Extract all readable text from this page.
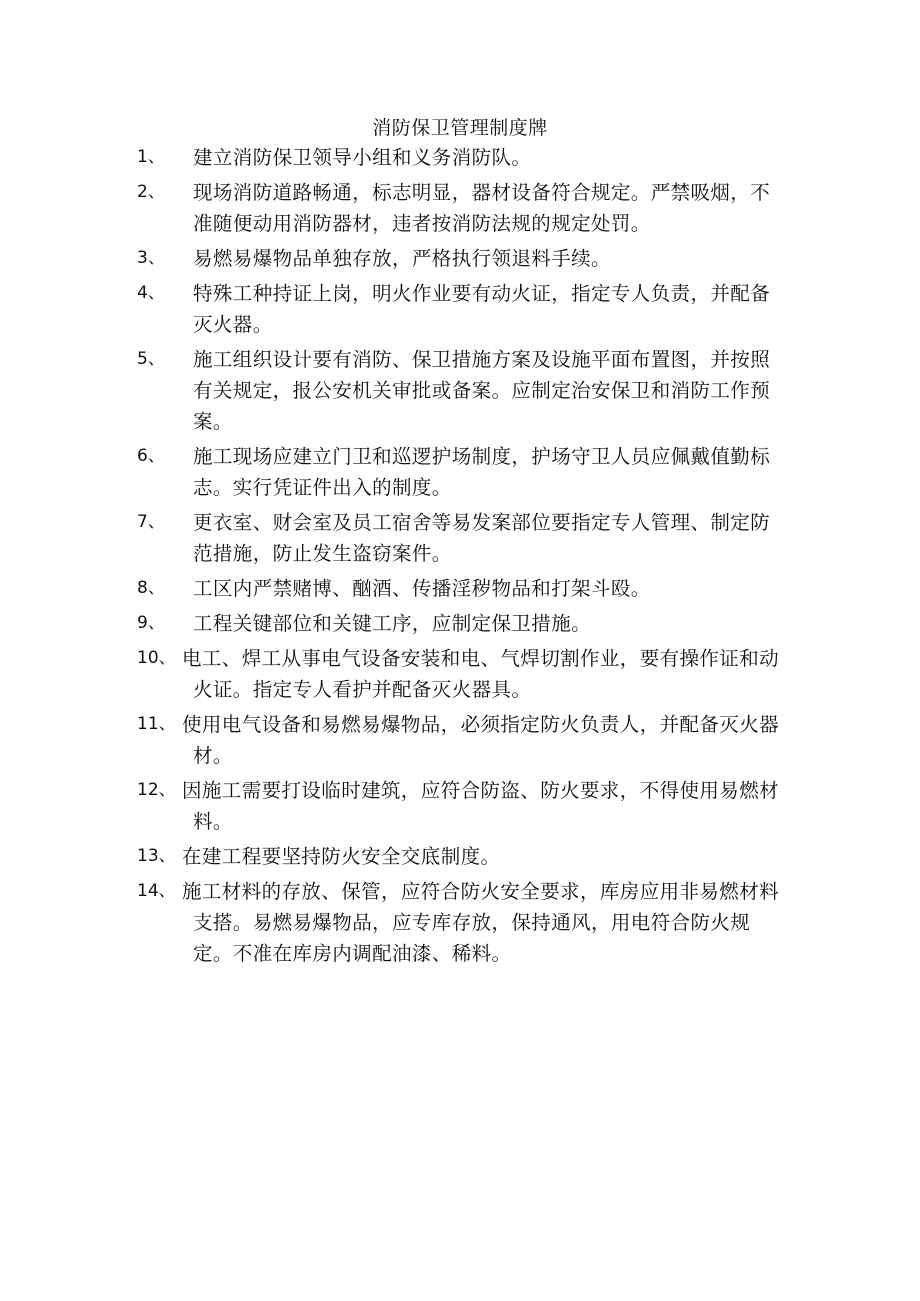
消防保卫管理制度牌
1、	建立消防保卫领导小组和义务消防队。
2、	现场消防道路畅通，标志明显，器材设备符合规定。严禁吸烟，不准随便动用消防器材，违者按消防法规的规定处罚。
3、	易燃易爆物品单独存放，严格执行领退料手续。
4、	特殊工种持证上岗，明火作业要有动火证，指定专人负责，并配备灭火器。
5、	施工组织设计要有消防、保卫措施方案及设施平面布置图，并按照有关规定，报公安机关审批或备案。应制定治安保卫和消防工作预案。
6、	施工现场应建立门卫和巡逻护场制度，护场守卫人员应佩戴值勤标志。实行凭证件出入的制度。
7、	更衣室、财会室及员工宿舍等易发案部位要指定专人管理、制定防范措施，防止发生盗窃案件。
8、	工区内严禁赌博、酗酒、传播淫秽物品和打架斗殴。
9、	工程关键部位和关键工序，应制定保卫措施。
10、 电工、焊工从事电气设备安装和电、气焊切割作业，要有操作证和动火证。指定专人看护并配备灭火器具。
11、 使用电气设备和易燃易爆物品，必须指定防火负责人，并配备灭火器材。
12、 因施工需要打设临时建筑，应符合防盗、防火要求，不得使用易燃材料。
13、 在建工程要坚持防火安全交底制度。
14、 施工材料的存放、保管，应符合防火安全要求，库房应用非易燃材料支搭。易燃易爆物品，应专库存放，保持通风，用电符合防火规定。不准在库房内调配油漆、稀料。
